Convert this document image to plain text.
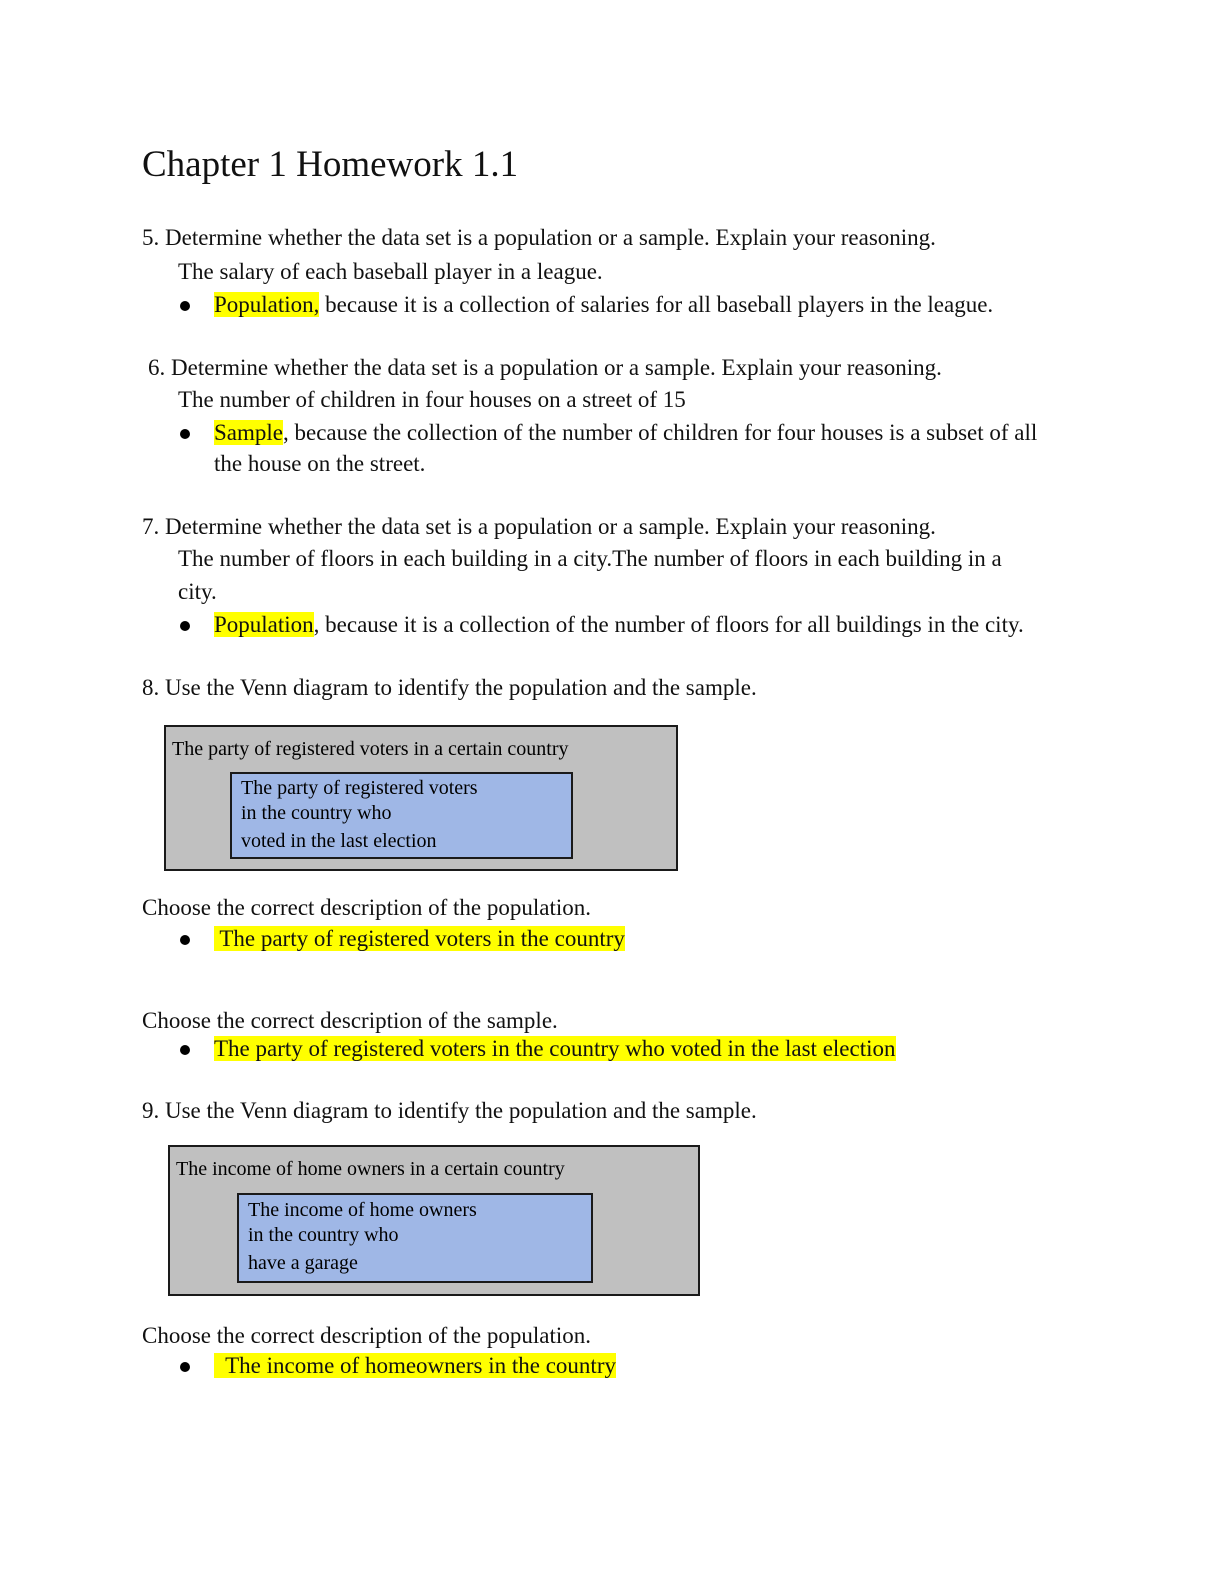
Chapter 1 Homework 1.1
5. Determine whether the data set is a population or a sample. Explain your reasoning.
The salary of each baseball player in a league.
Population, because it is a collection of salaries for all baseball players in the league.
6. Determine whether the data set is a population or a sample. Explain your reasoning.
The number of children in four houses on a street of 15
Sample, because the collection of the number of children for four houses is a subset of all
the house on the street.
7. Determine whether the data set is a population or a sample. Explain your reasoning.
The number of floors in each building in a city.The number of floors in each building in a
city.
Population, because it is a collection of the number of floors for all buildings in the city.
8. Use the Venn diagram to identify the population and the sample.
The party of registered voters in a certain country
The party of registered voters
in the country who
voted in the last election
Choose the correct description of the population.
The party of registered voters in the country
Choose the correct description of the sample.
The party of registered voters in the country who voted in the last election
9. Use the Venn diagram to identify the population and the sample.
The income of home owners in a certain country
The income of home owners
in the country who
have a garage
Choose the correct description of the population.
The income of homeowners in the country
